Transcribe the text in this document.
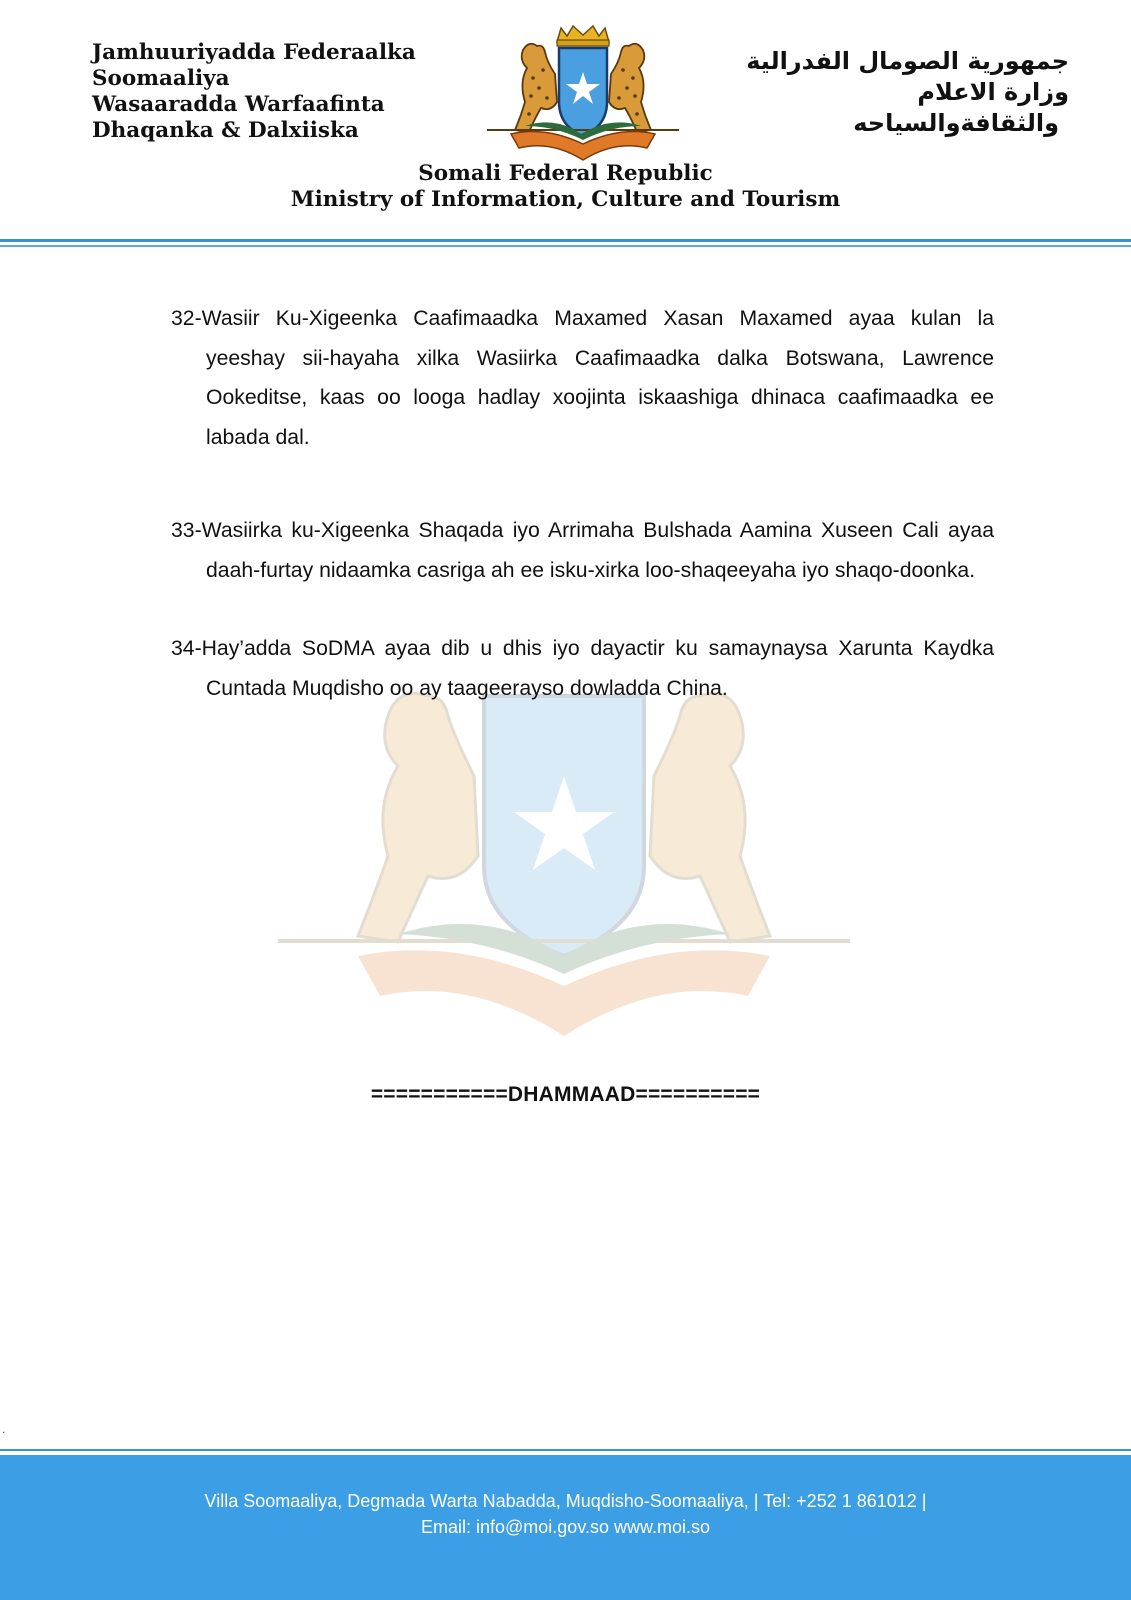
Jamhuuriyadda Federaalka
Soomaaliya
Wasaaradda Warfaafinta
Dhaqanka & Dalxiiska
جمهورية الصومال الفدرالية
وزارة الاعلام
والثقافةوالسياحه
Somali Federal Republic
Ministry of Information, Culture and Tourism
32-Wasiir Ku-Xigeenka Caafimaadka Maxamed Xasan Maxamed ayaa kulan la yeeshay sii-hayaha xilka Wasiirka Caafimaadka dalka Botswana, Lawrence Ookeditse, kaas oo looga hadlay xoojinta iskaashiga dhinaca caafimaadka ee labada dal.
33-Wasiirka ku-Xigeenka Shaqada iyo Arrimaha Bulshada Aamina Xuseen Cali ayaa daah-furtay nidaamka casriga ah ee isku-xirka loo-shaqeeyaha iyo shaqo-doonka.
34-Hay’adda SoDMA ayaa dib u dhis iyo dayactir ku samaynaysa Xarunta Kaydka Cuntada Muqdisho oo ay taageerayso dowladda China.
===========DHAMMAAD==========
.
Villa Soomaaliya, Degmada Warta Nabadda, Muqdisho-Soomaaliya, | Tel: +252 1 861012 |
Email: info@moi.gov.so www.moi.so
